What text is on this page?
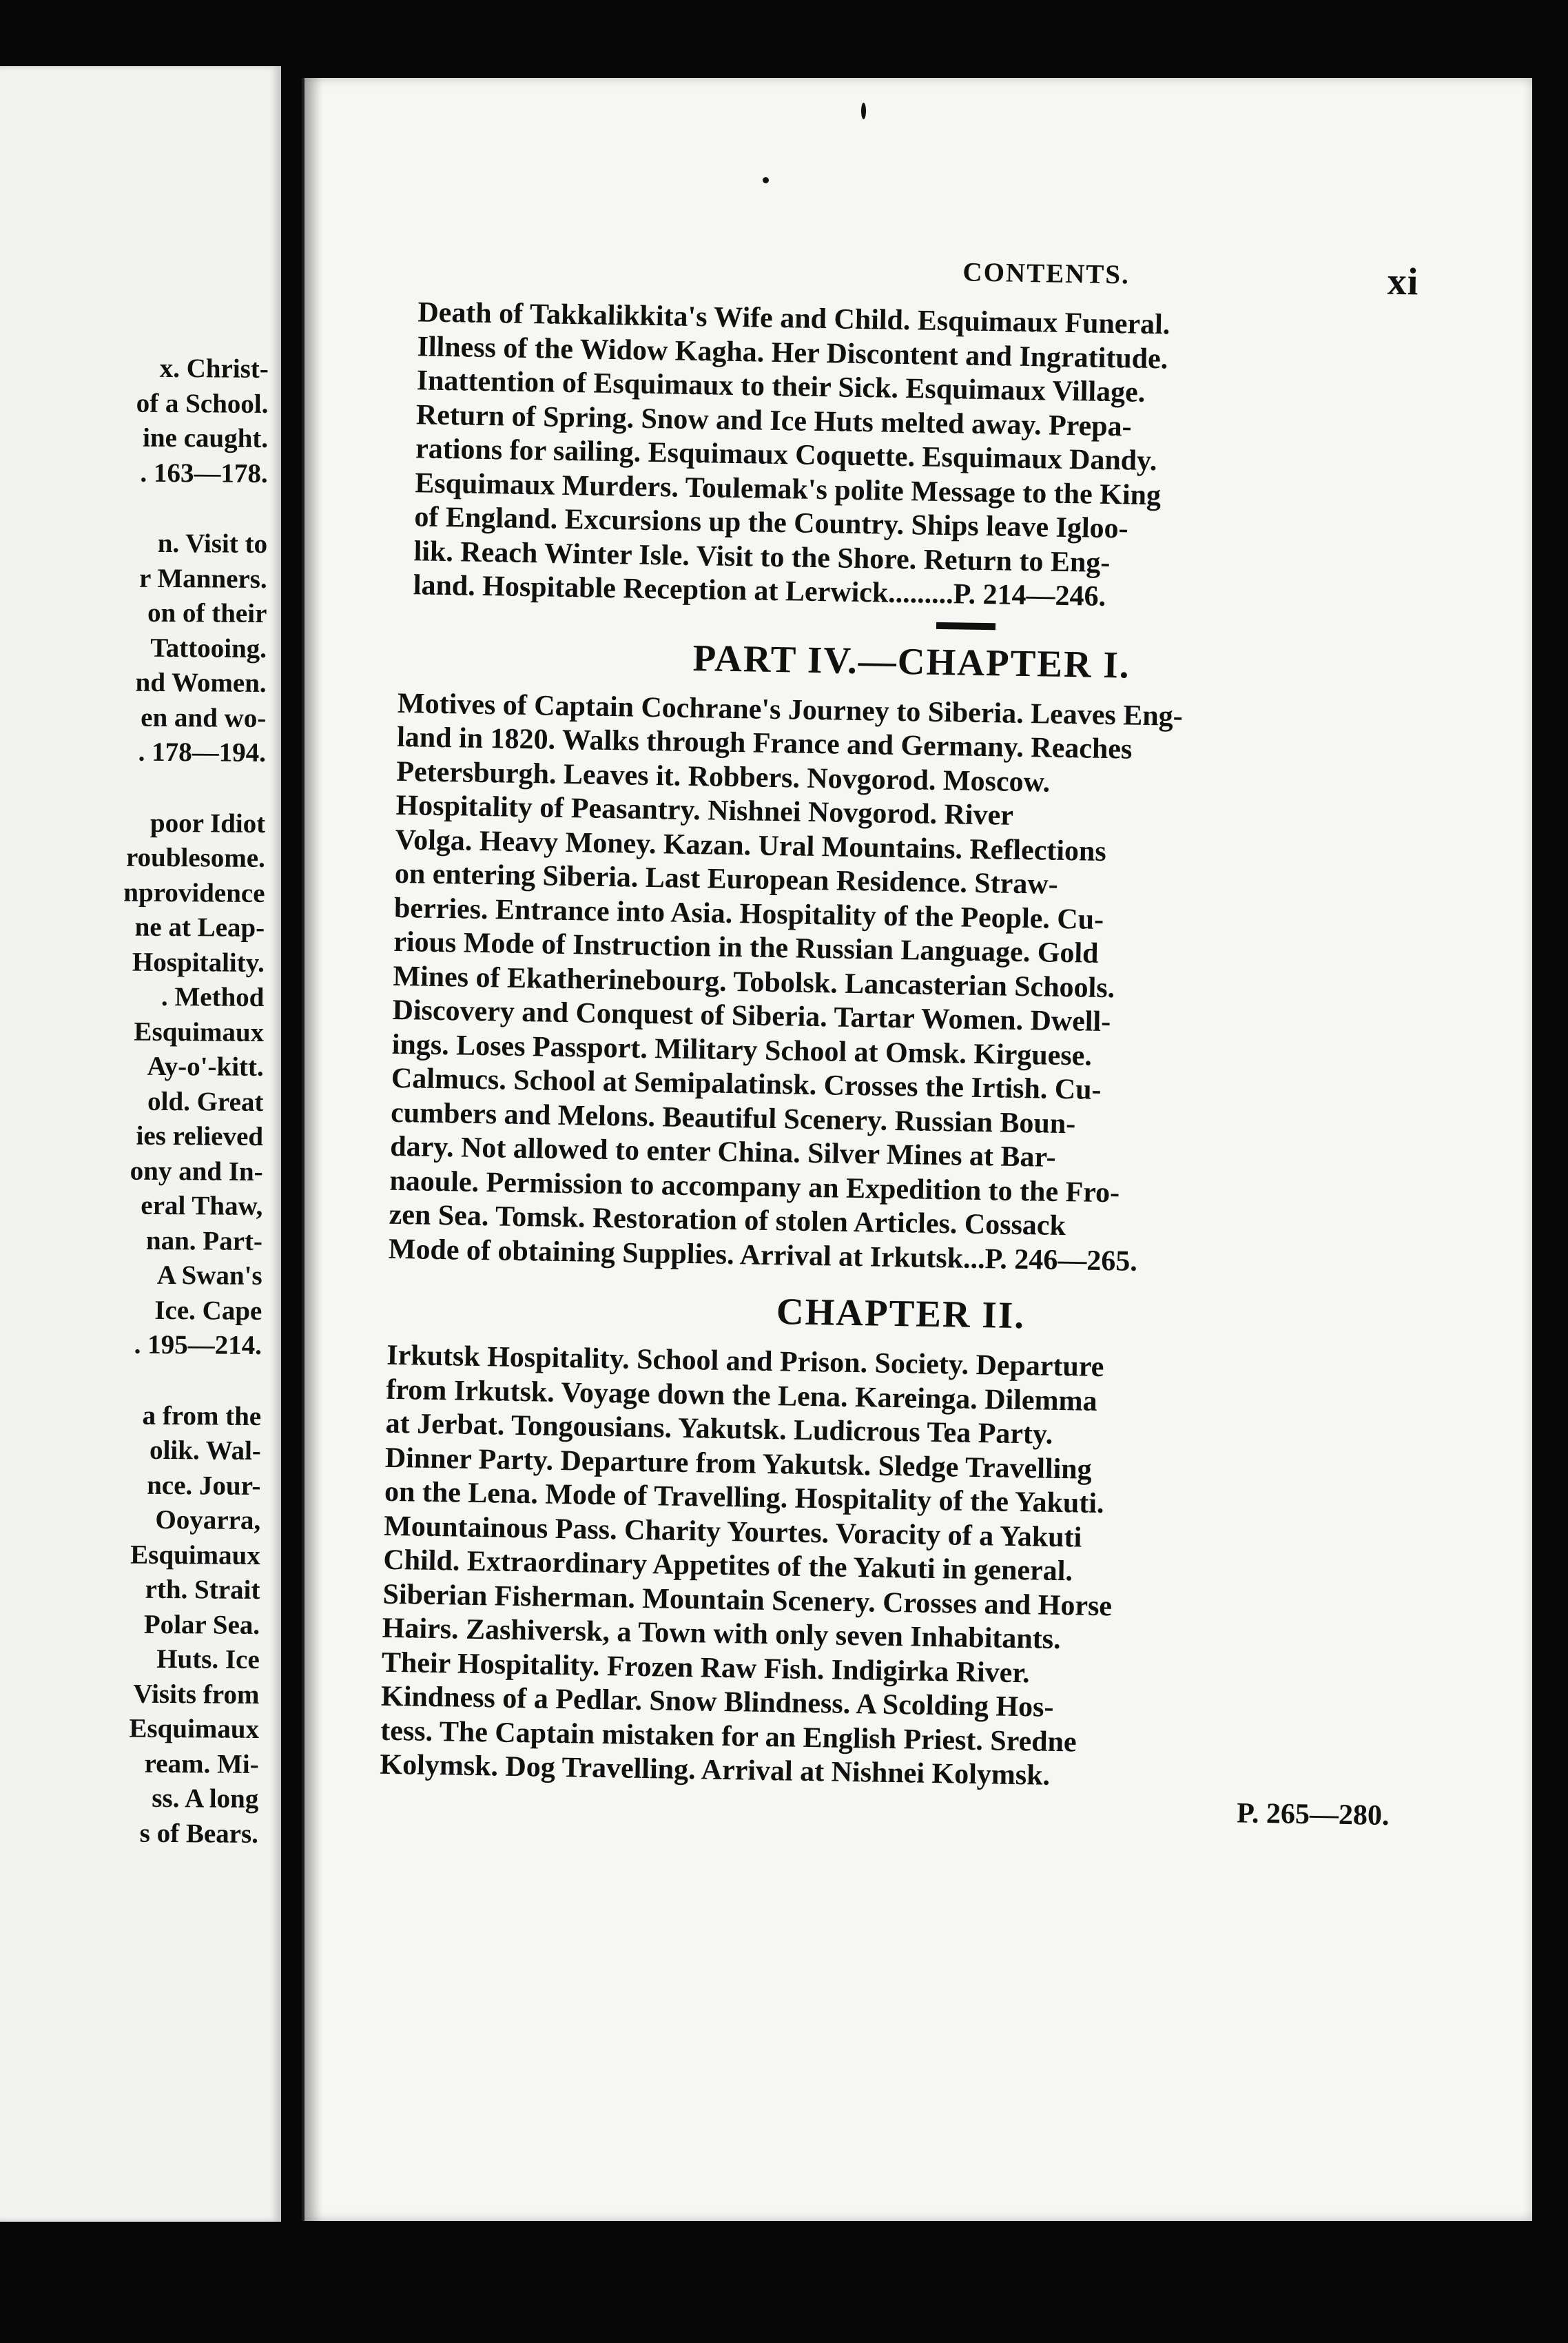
x. Christ-
of a School.
ine caught.
. 163—178.
n. Visit to
r Manners.
on of their
Tattooing.
nd Women.
en and wo-
. 178—194.
poor Idiot
roublesome.
nprovidence
ne at Leap-
Hospitality.
. Method
Esquimaux
Ay-o'-kitt.
old. Great
ies relieved
ony and In-
eral Thaw,
nan. Part-
A Swan's
Ice. Cape
. 195—214.
a from the
olik. Wal-
nce. Jour-
Ooyarra,
Esquimaux
rth. Strait
Polar Sea.
Huts. Ice
Visits from
Esquimaux
ream. Mi-
ss. A long
s of Bears.
CONTENTS.	xi
Death of Takkalikkita's Wife and Child. Esquimaux Funeral.
Illness of the Widow Kagha. Her Discontent and Ingratitude.
Inattention of Esquimaux to their Sick. Esquimaux Village.
Return of Spring. Snow and Ice Huts melted away. Prepa-
rations for sailing. Esquimaux Coquette. Esquimaux Dandy.
Esquimaux Murders. Toulemak's polite Message to the King
of England. Excursions up the Country. Ships leave Igloo-
lik. Reach Winter Isle. Visit to the Shore. Return to Eng-
land. Hospitable Reception at Lerwick.........P. 214—246.
PART IV.—CHAPTER I.
Motives of Captain Cochrane's Journey to Siberia. Leaves Eng-
land in 1820. Walks through France and Germany. Reaches
Petersburgh. Leaves it. Robbers. Novgorod. Moscow.
Hospitality of Peasantry. Nishnei Novgorod. River
Volga. Heavy Money. Kazan. Ural Mountains. Reflections
on entering Siberia. Last European Residence. Straw-
berries. Entrance into Asia. Hospitality of the People. Cu-
rious Mode of Instruction in the Russian Language. Gold
Mines of Ekatherinebourg. Tobolsk. Lancasterian Schools.
Discovery and Conquest of Siberia. Tartar Women. Dwell-
ings. Loses Passport. Military School at Omsk. Kirguese.
Calmucs. School at Semipalatinsk. Crosses the Irtish. Cu-
cumbers and Melons. Beautiful Scenery. Russian Boun-
dary. Not allowed to enter China. Silver Mines at Bar-
naoule. Permission to accompany an Expedition to the Fro-
zen Sea. Tomsk. Restoration of stolen Articles. Cossack
Mode of obtaining Supplies. Arrival at Irkutsk...P. 246—265.
CHAPTER II.
Irkutsk Hospitality. School and Prison. Society. Departure
from Irkutsk. Voyage down the Lena. Kareinga. Dilemma
at Jerbat. Tongousians. Yakutsk. Ludicrous Tea Party.
Dinner Party. Departure from Yakutsk. Sledge Travelling
on the Lena. Mode of Travelling. Hospitality of the Yakuti.
Mountainous Pass. Charity Yourtes. Voracity of a Yakuti
Child. Extraordinary Appetites of the Yakuti in general.
Siberian Fisherman. Mountain Scenery. Crosses and Horse
Hairs. Zashiversk, a Town with only seven Inhabitants.
Their Hospitality. Frozen Raw Fish. Indigirka River.
Kindness of a Pedlar. Snow Blindness. A Scolding Hos-
tess. The Captain mistaken for an English Priest. Sredne
Kolymsk. Dog Travelling. Arrival at Nishnei Kolymsk.
P. 265—280.
